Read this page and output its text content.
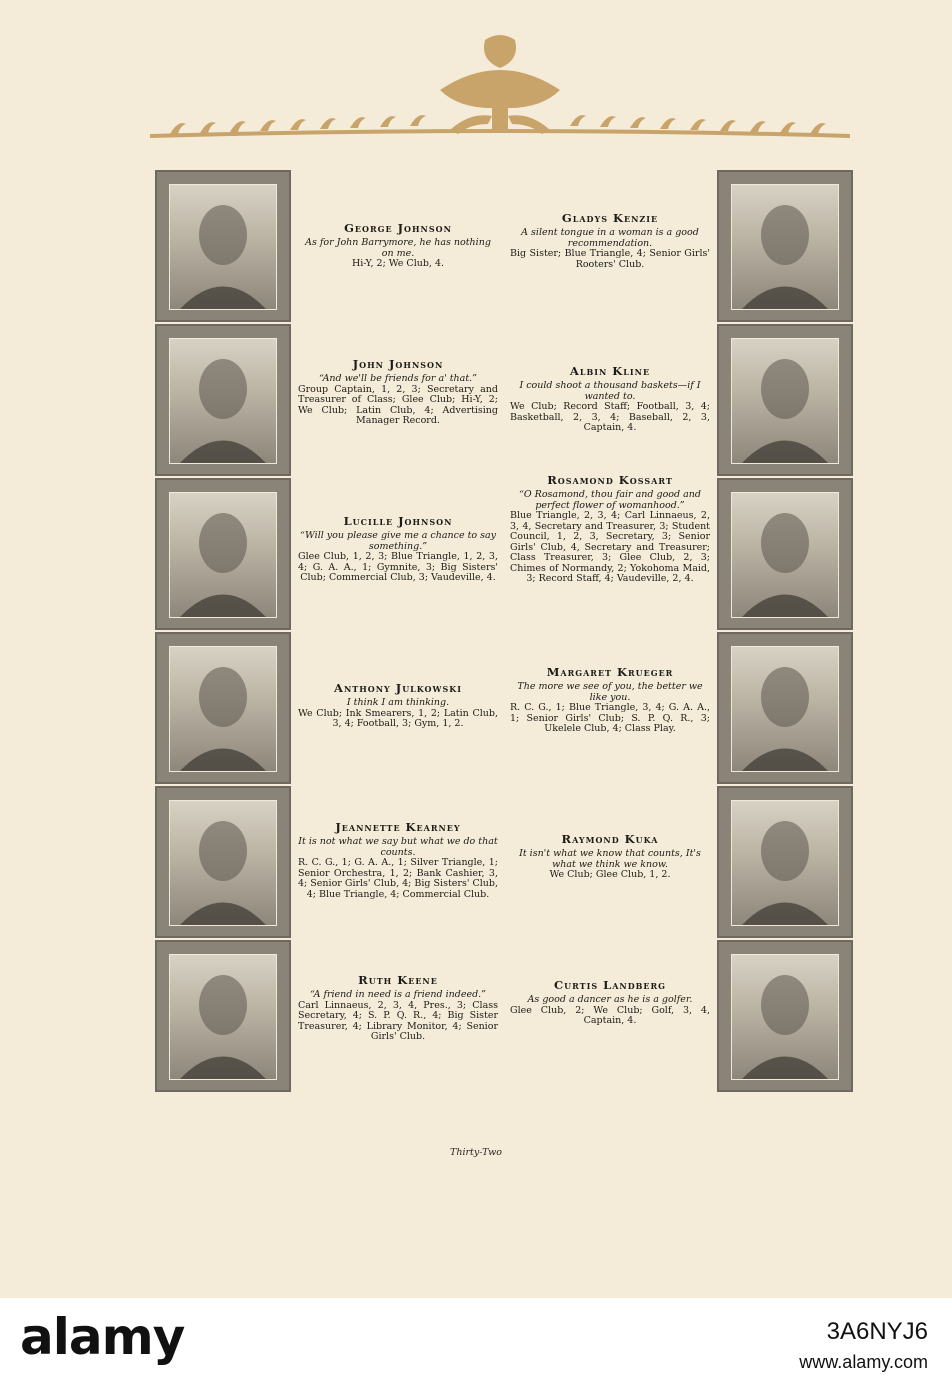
George Johnson
As for John Barrymore, he has nothing on me.
Hi-Y, 2; We Club, 4.
John Johnson
“And we'll be friends for a' that.”
Group Captain, 1, 2, 3; Secretary and Treasurer of Class; Glee Club; Hi-Y, 2; We Club; Latin Club, 4; Advertising Manager Record.
Lucille Johnson
“Will you please give me a chance to say something.”
Glee Club, 1, 2, 3; Blue Triangle, 1, 2, 3, 4; G. A. A., 1; Gymnite, 3; Big Sisters' Club; Commercial Club, 3; Vaudeville, 4.
Anthony Julkowski
I think I am thinking.
We Club; Ink Smearers, 1, 2; Latin Club, 3, 4; Football, 3; Gym, 1, 2.
Jeannette Kearney
It is not what we say but what we do that counts.
R. C. G., 1; G. A. A., 1; Silver Triangle, 1; Senior Orchestra, 1, 2; Bank Cashier, 3, 4; Senior Girls' Club, 4; Big Sisters' Club, 4; Blue Triangle, 4; Commercial Club.
Ruth Keene
“A friend in need is a friend indeed.”
Carl Linnaeus, 2, 3, 4, Pres., 3; Class Secretary, 4; S. P. Q. R., 4; Big Sister Treasurer, 4; Library Monitor, 4; Senior Girls' Club.
Gladys Kenzie
A silent tongue in a woman is a good recommendation.
Big Sister; Blue Triangle, 4; Senior Girls' Rooters' Club.
Albin Kline
I could shoot a thousand baskets—if I wanted to.
We Club; Record Staff; Football, 3, 4; Basketball, 2, 3, 4; Baseball, 2, 3, Captain, 4.
Rosamond Kossart
“O Rosamond, thou fair and good and perfect flower of womanhood.”
Blue Triangle, 2, 3, 4; Carl Linnaeus, 2, 3, 4, Secretary and Treasurer, 3; Student Council, 1, 2, 3, Secretary, 3; Senior Girls' Club, 4, Secretary and Treasurer; Class Treasurer, 3; Glee Club, 2, 3; Chimes of Normandy, 2; Yokohoma Maid, 3; Record Staff, 4; Vaudeville, 2, 4.
Margaret Krueger
The more we see of you, the better we like you.
R. C. G., 1; Blue Triangle, 3, 4; G. A. A., 1; Senior Girls' Club; S. P. Q. R., 3; Ukelele Club, 4; Class Play.
Raymond Kuka
It isn't what we know that counts, It's what we think we know.
We Club; Glee Club, 1, 2.
Curtis Landberg
As good a dancer as he is a golfer.
Glee Club, 2; We Club; Golf, 3, 4, Captain, 4.
Thirty-Two
alamy	3A6NYJ6
www.alamy.com
